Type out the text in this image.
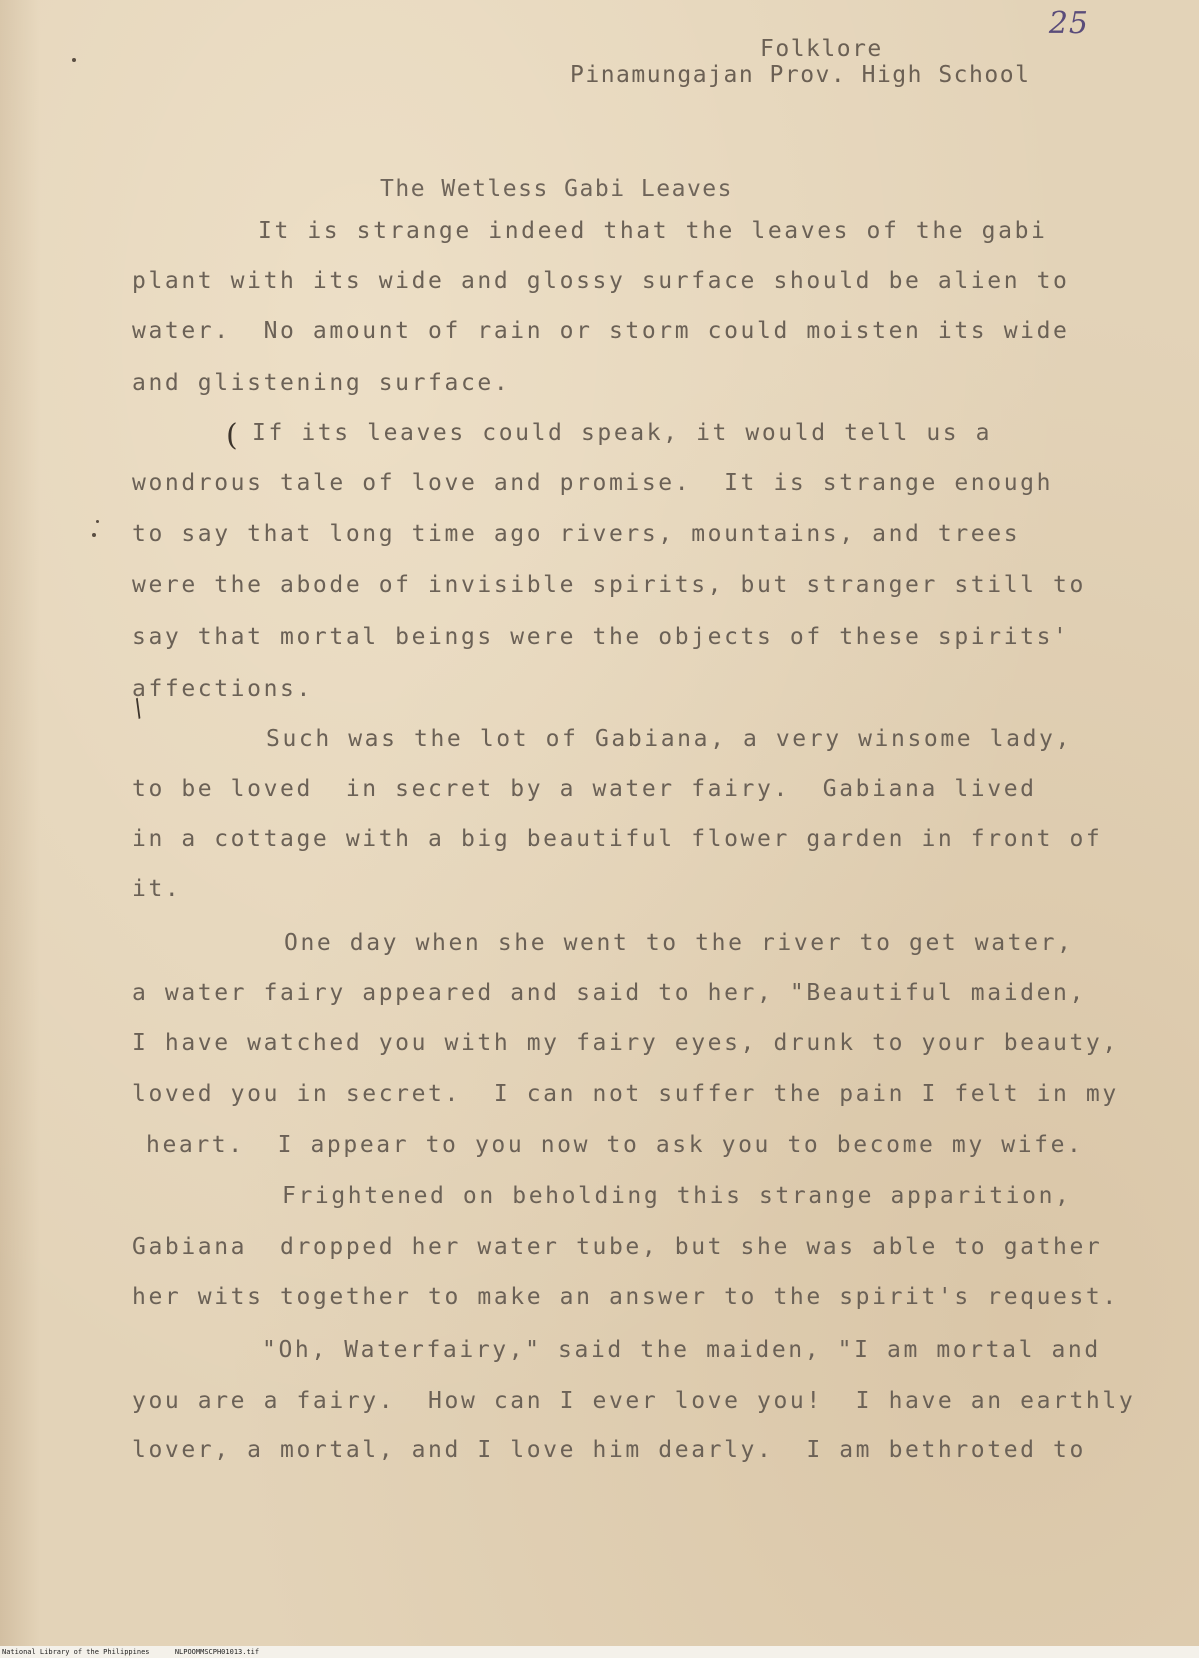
25
Folklore
Pinamungajan Prov. High School
The Wetless Gabi Leaves
It is strange indeed that the leaves of the gabi
plant with its wide and glossy surface should be alien to
water.  No amount of rain or storm could moisten its wide
and glistening surface.
( If its leaves could speak, it would tell us a
wondrous tale of love and promise.  It is strange enough
to say that long time ago rivers, mountains, and trees
were the abode of invisible spirits, but stranger still to
say that mortal beings were the objects of these spirits'
affections.
/
Such was the lot of Gabiana, a very winsome lady,
to be loved  in secret by a water fairy.  Gabiana lived
in a cottage with a big beautiful flower garden in front of
it.
One day when she went to the river to get water,
a water fairy appeared and said to her, "Beautiful maiden,
I have watched you with my fairy eyes, drunk to your beauty,
loved you in secret.  I can not suffer the pain I felt in my
heart.  I appear to you now to ask you to become my wife.
Frightened on beholding this strange apparition,
Gabiana  dropped her water tube, but she was able to gather
her wits together to make an answer to the spirit's request.
"Oh, Waterfairy," said the maiden, "I am mortal and
you are a fairy.  How can I ever love you!  I have an earthly
lover, a mortal, and I love him dearly.  I am bethroted to
National Library of the Philippines	NLPOOMMSCPH01013.tif
